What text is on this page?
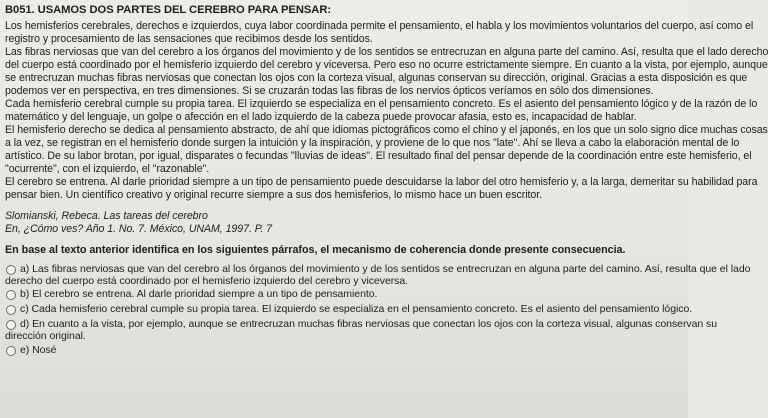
B051. USAMOS DOS PARTES DEL CEREBRO PARA PENSAR:
Los hemisferios cerebrales, derechos e izquierdos, cuya labor coordinada permite el pensamiento, el habla y los movimientos voluntarios del cuerpo, así como el
registro y procesamiento de las sensaciones que recibimos desde los sentidos.
Las fibras nerviosas que van del cerebro a los órganos del movimiento y de los sentidos se entrecruzan en alguna parte del camino. Así, resulta que el lado derecho
del cuerpo está coordinado por el hemisferio izquierdo del cerebro y viceversa. Pero eso no ocurre estrictamente siempre. En cuanto a la vista, por ejemplo, aunque
se entrecruzan muchas fibras nerviosas que conectan los ojos con la corteza visual, algunas conservan su dirección, original. Gracias a esta disposición es que
podemos ver en perspectiva, en tres dimensiones. Si se cruzarán todas las fibras de los nervios ópticos veríamos en sólo dos dimensiones.
Cada hemisferio cerebral cumple su propia tarea. El izquierdo se especializa en el pensamiento concreto. Es el asiento del pensamiento lógico y de la razón de lo
matemático y del lenguaje, un golpe o afección en el lado izquierdo de la cabeza puede provocar afasia, esto es, incapacidad de hablar.
El hemisferio derecho se dedica al pensamiento abstracto, de ahí que idiomas pictográficos como el chino y el japonés, en los que un solo signo dice muchas cosas
a la vez, se registran en el hemisferio donde surgen la intuición y la inspiración, y proviene de lo que nos "late". Ahí se lleva a cabo la elaboración mental de lo
artístico. De su labor brotan, por igual, disparates o fecundas "lluvias de ideas". El resultado final del pensar depende de la coordinación entre este hemisferio, el
"ocurrente", con el izquierdo, el "razonable".
El cerebro se entrena. Al darle prioridad siempre a un tipo de pensamiento puede descuidarse la labor del otro hemisferio y, a la larga, demeritar su habilidad para
pensar bien. Un científico creativo y original recurre siempre a sus dos hemisferios, lo mismo hace un buen escritor.
Slomianski, Rebeca. Las tareas del cerebro
En, ¿Cómo ves? Año 1. No. 7. México, UNAM, 1997. P. 7
En base al texto anterior identifica en los siguientes párrafos, el mecanismo de coherencia donde presente consecuencia.
a) Las fibras nerviosas que van del cerebro al los órganos del movimiento y de los sentidos se entrecruzan en alguna parte del camino. Así, resulta que el lado
derecho del cuerpo está coordinado por el hemisferio izquierdo del cerebro y viceversa.
b) El cerebro se entrena. Al darle prioridad siempre a un tipo de pensamiento.
c) Cada hemisferio cerebral cumple su propia tarea. El izquierdo se especializa en el pensamiento concreto. Es el asiento del pensamiento lógico.
d) En cuanto a la vista, por ejemplo, aunque se entrecruzan muchas fibras nerviosas que conectan los ojos con la corteza visual, algunas conservan su
dirección original.
e) Nosé
